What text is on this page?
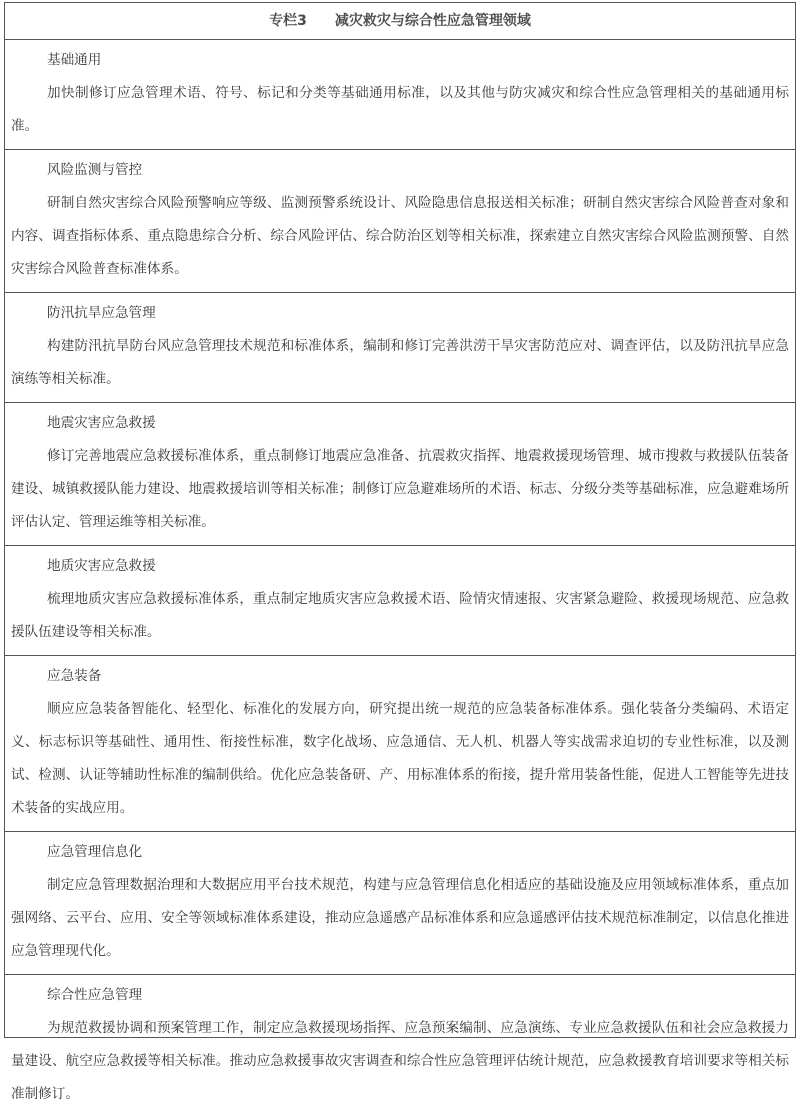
专栏3 减灾救灾与综合性应急管理领域
基础通用
加快制修订应急管理术语、符号、标记和分类等基础通用标准，以及其他与防灾减灾和综合性应急管理相关的基础通用标准。
风险监测与管控
研制自然灾害综合风险预警响应等级、监测预警系统设计、风险隐患信息报送相关标准；研制自然灾害综合风险普查对象和内容、调查指标体系、重点隐患综合分析、综合风险评估、综合防治区划等相关标准，探索建立自然灾害综合风险监测预警、自然灾害综合风险普查标准体系。
防汛抗旱应急管理
构建防汛抗旱防台风应急管理技术规范和标准体系，编制和修订完善洪涝干旱灾害防范应对、调查评估，以及防汛抗旱应急演练等相关标准。
地震灾害应急救援
修订完善地震应急救援标准体系，重点制修订地震应急准备、抗震救灾指挥、地震救援现场管理、城市搜救与救援队伍装备建设、城镇救援队能力建设、地震救援培训等相关标准；制修订应急避难场所的术语、标志、分级分类等基础标准，应急避难场所评估认定、管理运维等相关标准。
地质灾害应急救援
梳理地质灾害应急救援标准体系，重点制定地质灾害应急救援术语、险情灾情速报、灾害紧急避险、救援现场规范、应急救援队伍建设等相关标准。
应急装备
顺应应急装备智能化、轻型化、标准化的发展方向，研究提出统一规范的应急装备标准体系。强化装备分类编码、术语定义、标志标识等基础性、通用性、衔接性标准，数字化战场、应急通信、无人机、机器人等实战需求迫切的专业性标准，以及测试、检测、认证等辅助性标准的编制供给。优化应急装备研、产、用标准体系的衔接，提升常用装备性能，促进人工智能等先进技术装备的实战应用。
应急管理信息化
制定应急管理数据治理和大数据应用平台技术规范，构建与应急管理信息化相适应的基础设施及应用领域标准体系，重点加强网络、云平台、应用、安全等领域标准体系建设，推动应急遥感产品标准体系和应急遥感评估技术规范标准制定，以信息化推进应急管理现代化。
综合性应急管理
为规范救援协调和预案管理工作，制定应急救援现场指挥、应急预案编制、应急演练、专业应急救援队伍和社会应急救援力量建设、航空应急救援等相关标准。推动应急救援事故灾害调查和综合性应急管理评估统计规范，应急救援教育培训要求等相关标准制修订。
